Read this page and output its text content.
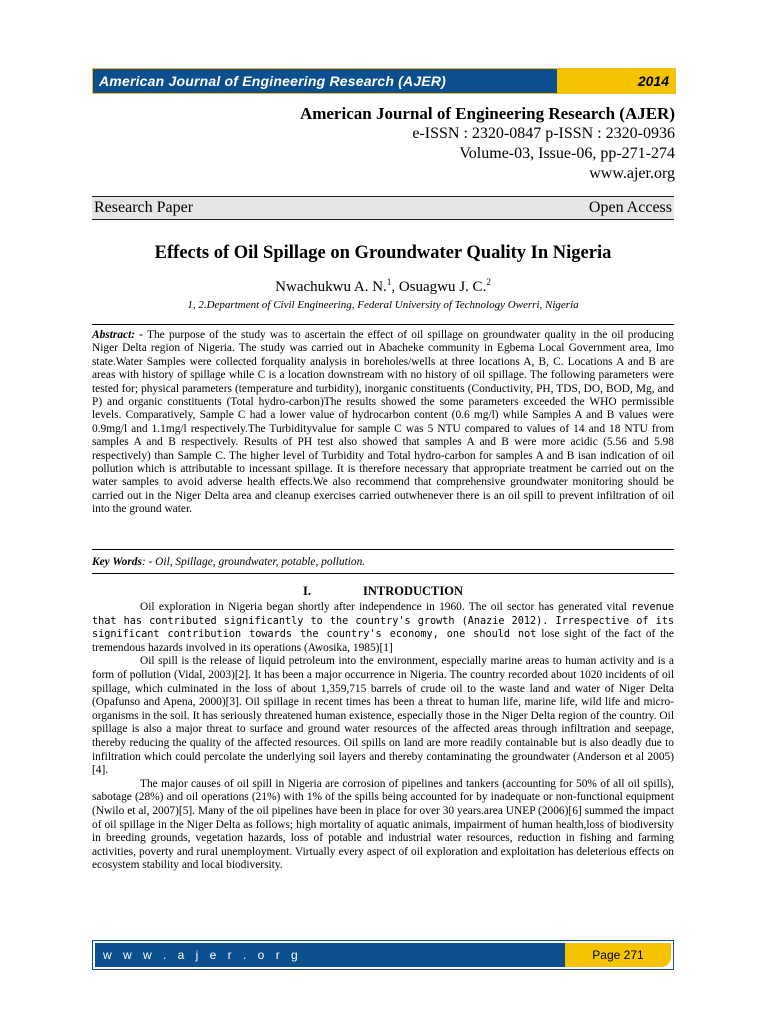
American Journal of Engineering Research (AJER)	2014
American Journal of Engineering Research (AJER)
e-ISSN : 2320-0847 p-ISSN : 2320-0936
Volume-03, Issue-06, pp-271-274
www.ajer.org
Research Paper	Open Access
Effects of Oil Spillage on Groundwater Quality In Nigeria
Nwachukwu A. N.$^1$, Osuagwu J. C.$^2$
1, 2.Department of Civil Engineering, Federal University of Technology Owerri, Nigeria
Abstract: - The purpose of the study was to ascertain the effect of oil spillage on groundwater quality in the oil producing Niger Delta region of Nigeria. The study was carried out in Abacheke community in Egbema Local Government area, Imo state.Water Samples were collected forquality analysis in boreholes/wells at three locations A, B, C. Locations A and B are areas with history of spillage while C is a location downstream with no history of oil spillage. The following parameters were tested for; physical parameters (temperature and turbidity), inorganic constituents (Conductivity, PH, TDS, DO, BOD, Mg, and P) and organic constituents (Total hydro-carbon)The results showed the some parameters exceeded the WHO permissible levels. Comparatively, Sample C had a lower value of hydrocarbon content (0.6 mg/l) while Samples A and B values were 0.9mg/l and 1.1mg/l respectively.The Turbidityvalue for sample C was 5 NTU compared to values of 14 and 18 NTU from samples A and B respectively. Results of PH test also showed that samples A and B were more acidic (5.56 and 5.98 respectively) than Sample C. The higher level of Turbidity and Total hydro-carbon for samples A and B isan indication of oil pollution which is attributable to incessant spillage. It is therefore necessary that appropriate treatment be carried out on the water samples to avoid adverse health effects.We also recommend that comprehensive groundwater monitoring should be carried out in the Niger Delta area and cleanup exercises carried outwhenever there is an oil spill to prevent infiltration of oil into the ground water.
Key Words: - Oil, Spillage, groundwater, potable, pollution.
I.	INTRODUCTION

Oil exploration in Nigeria began shortly after independence in 1960. The oil sector has generated vital revenue that has contributed significantly to the country's growth (Anazie 2012). Irrespective of its significant contribution towards the country's economy, one should not lose sight of the fact of the tremendous hazards involved in its operations (Awosika, 1985)[1]

Oil spill is the release of liquid petroleum into the environment, especially marine areas to human activity and is a form of pollution (Vidal, 2003)[2]. It has been a major occurrence in Nigeria. The country recorded about 1020 incidents of oil spillage, which culminated in the loss of about 1,359,715 barrels of crude oil to the waste land and water of Niger Delta (Opafunso and Apena, 2000)[3]. Oil spillage in recent times has been a threat to human life, marine life, wild life and micro-organisms in the soil. It has seriously threatened human existence, especially those in the Niger Delta region of the country. Oil spillage is also a major threat to surface and ground water resources of the affected areas through infiltration and seepage, thereby reducing the quality of the affected resources. Oil spills on land are more readily containable but is also deadly due to infiltration which could percolate the underlying soil layers and thereby contaminating the groundwater (Anderson et al 2005)[4].

The major causes of oil spill in Nigeria are corrosion of pipelines and tankers (accounting for 50% of all oil spills), sabotage (28%) and oil operations (21%) with 1% of the spills being accounted for by inadequate or non-functional equipment (Nwilo et al, 2007)[5]. Many of the oil pipelines have been in place for over 30 years.area UNEP (2006)[6] summed the impact of oil spillage in the Niger Delta as follows; high mortality of aquatic animals, impairment of human health,loss of biodiversity in breeding grounds, vegetation hazards, loss of potable and industrial water resources, reduction in fishing and farming activities, poverty and rural unemployment. Virtually every aspect of oil exploration and exploitation has deleterious effects on ecosystem stability and local biodiversity.

w w w . a j e r . o r g	Page 271
